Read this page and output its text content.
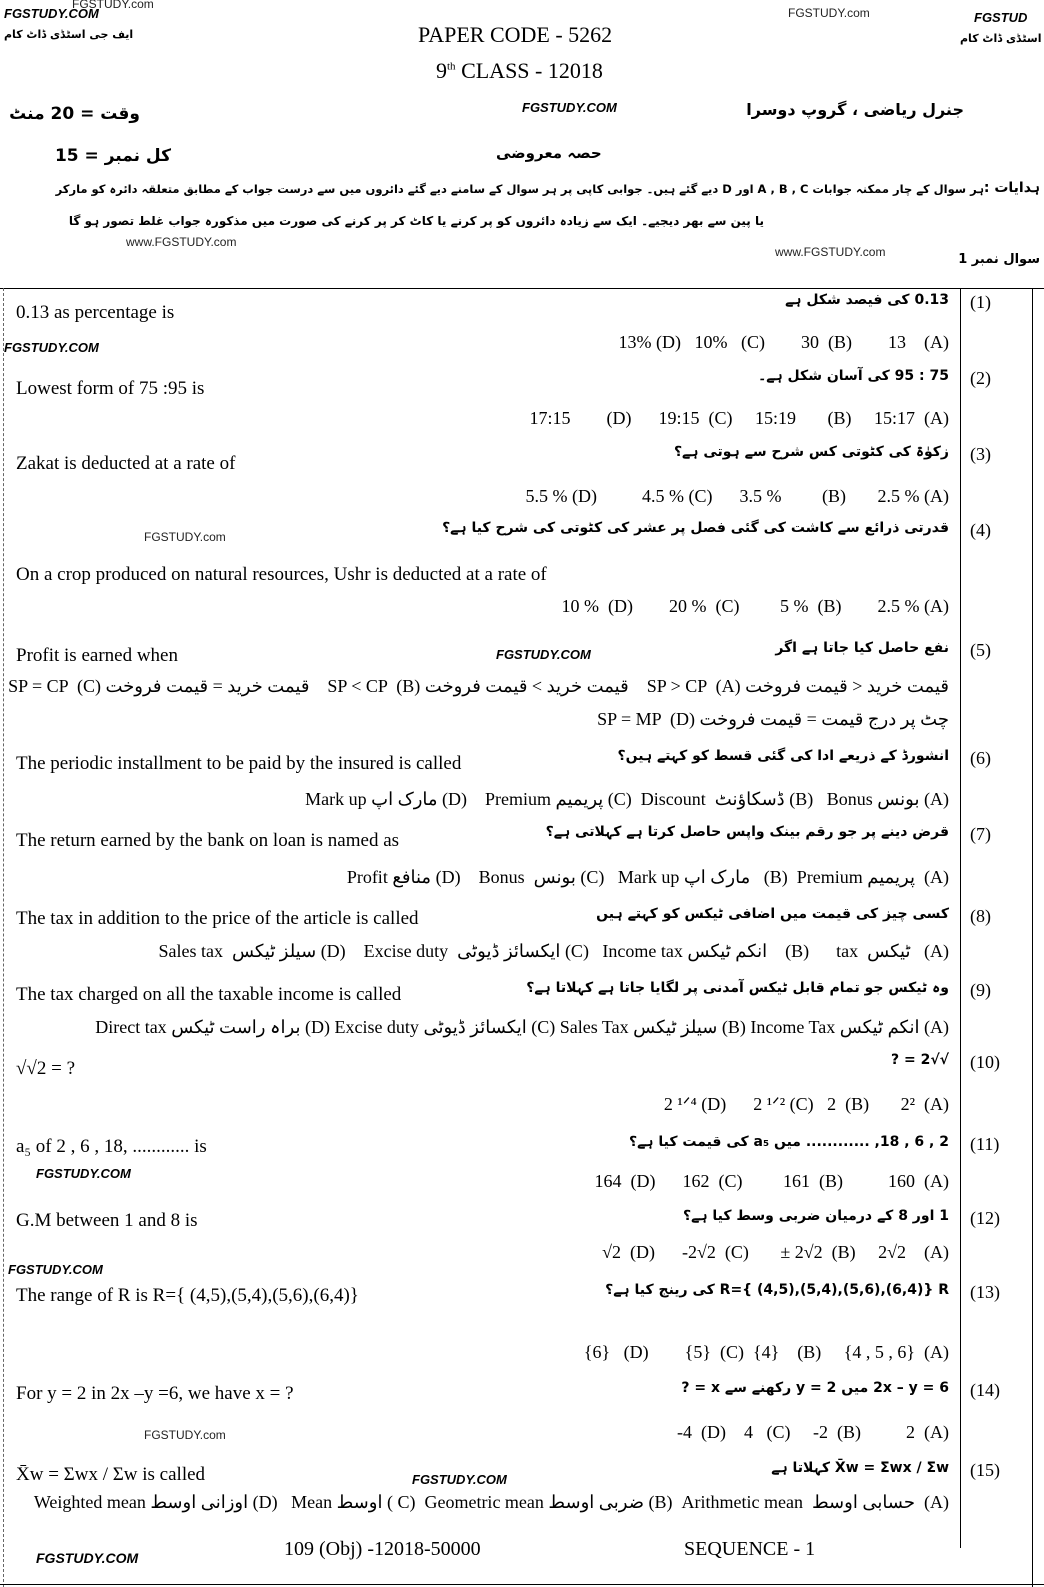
FGSTUDY.COM
FGSTUDY.com
ایف جی اسٹڈی ڈاٹ کام
FGSTUDY.com	FGSTUD
اسٹڈی ڈاٹ کام
FGSTUDY.COM
www.FGSTUDY.com
www.FGSTUDY.com
FGSTUDY.COM
FGSTUDY.com
FGSTUDY.COM
FGSTUDY.COM
FGSTUDY.COM
FGSTUDY.com
FGSTUDY.COM
PAPER CODE - 5262
9th CLASS - 12018
وقت = 20 منٹ	جنرل ریاضی ، گروپ دوسرا
کل نمبر = 15	حصہ معروضی
ہدایات :
ہر سوال کے چار ممکنہ جوابات A , B , C اور D دیے گئے ہیں۔ جوابی کاپی پر ہر سوال کے سامنے دیے گئے دائروں میں سے درست جواب کے مطابق متعلقہ دائرہ کو مارکر
یا پین سے بھر دیجیے۔ ایک سے زیادہ دائروں کو پر کرنے یا کاٹ کر پر کرنے کی صورت میں مذکورہ جواب غلط تصور ہو گا
سوال نمبر 1
(1)
0.13 کی فیصد شکل ہے
0.13 as percentage is
13% (D)   10%   (C)        30  (B)        13    (A)
(2)
75 : 95 کی آسان شکل ہے۔
Lowest form of 75 :95 is
17:15        (D)      19:15  (C)     15:19       (B)     15:17  (A)
(3)
زکوٰۃ کی کٹوتی کس شرح سے ہوتی ہے؟
Zakat is deducted at a rate of
5.5 % (D)          4.5 % (C)      3.5 %         (B)       2.5 % (A)
(4)
قدرتی ذرائع سے کاشت کی گئی فصل پر عشر کی کٹوتی کی شرح کیا ہے؟
On a crop produced on natural resources, Ushr is deducted at a rate of
10 %  (D)        20 %  (C)         5 %  (B)        2.5 % (A)
(5)
نفع حاصل کیا جاتا ہے اگر
Profit is earned when
SP = CP  (C) قیمت خرید = قیمت فروخت    SP < CP  (B) قیمت خرید > قیمت فروخت    SP > CP  (A) قیمت خرید < قیمت فروخت
SP = MP  (D) چٹ پر درج قیمت = قیمت فروخت
(6)
انشورڈ کے ذریعے ادا کی گئی قسط کو کہتے ہیں؟
The periodic installment to be paid by the insured is called
Mark up مارک اپ (D)    Premium پریمیم (C)  Discount  ڈسکاؤنٹ (B)   Bonus بونس (A)
(7)
قرض دینے پر جو رقم بینک واپس حاصل کرتا ہے کہلاتی ہے؟
The return earned by the bank on loan is named as
Profit منافع (D)    Bonus  بونس (C)   Mark up مارک اپ   (B)  Premium پریمیم  (A)
(8)
کسی چیز کی قیمت میں اضافی ٹیکس کو کہتے ہیں
The tax in addition to the price of the article is called
Sales tax  سیلز ٹیکس (D)    Excise duty  ایکسائز ڈیوٹی (C)   Income tax انکم ٹیکس    (B)      tax  ٹیکس   (A)
(9)
وہ ٹیکس جو تمام قابل ٹیکس آمدنی پر لگایا جاتا ہے کہلاتا ہے؟
The tax charged on all the taxable income is called
Direct tax براہ راست ٹیکس (D) Excise duty ایکسائز ڈیوٹی (C) Sales Tax سیلز ٹیکس (B) Income Tax انکم ٹیکس (A)
(10)
√√2 = ?
√√2 = ?
2 ¹ᐟ⁴ (D)      2 ¹ᐟ² (C)   2  (B)       2²  (A)
(11)
2 , 6 , 18, ............ میں a₅ کی قیمت کیا ہے؟
a₅ of 2 , 6 , 18, ............ is
164  (D)      162  (C)         161  (B)          160  (A)
(12)
1 اور 8 کے درمیان ضربی وسط کیا ہے؟
G.M between 1 and 8 is
√2  (D)      -2√2  (C)       ± 2√2  (B)     2√2    (A)
(13)
R={ (4,5),(5,4),(5,6),(6,4)} R کی رینج کیا ہے؟
The range of R is R={ (4,5),(5,4),(5,6),(6,4)}
{6}   (D)        {5}  (C)  {4}    (B)     {4 , 5 , 6}  (A)
(14)
2x – y = 6 میں y = 2 رکھنے سے x = ?
For y = 2 in 2x –y =6, we have x = ?
-4  (D)    4   (C)     -2  (B)          2  (A)
(15)
X̄w = Σwx / Σw کہلاتا ہے
X̄w = Σwx / Σw is called
Weighted mean اوزانی اوسط (D)   Mean اوسط ( C)  Geometric mean ضربی اوسط (B)  Arithmetic mean  حسابی اوسط  (A)
FGSTUDY.COM	109 (Obj) -12018-50000	SEQUENCE - 1
